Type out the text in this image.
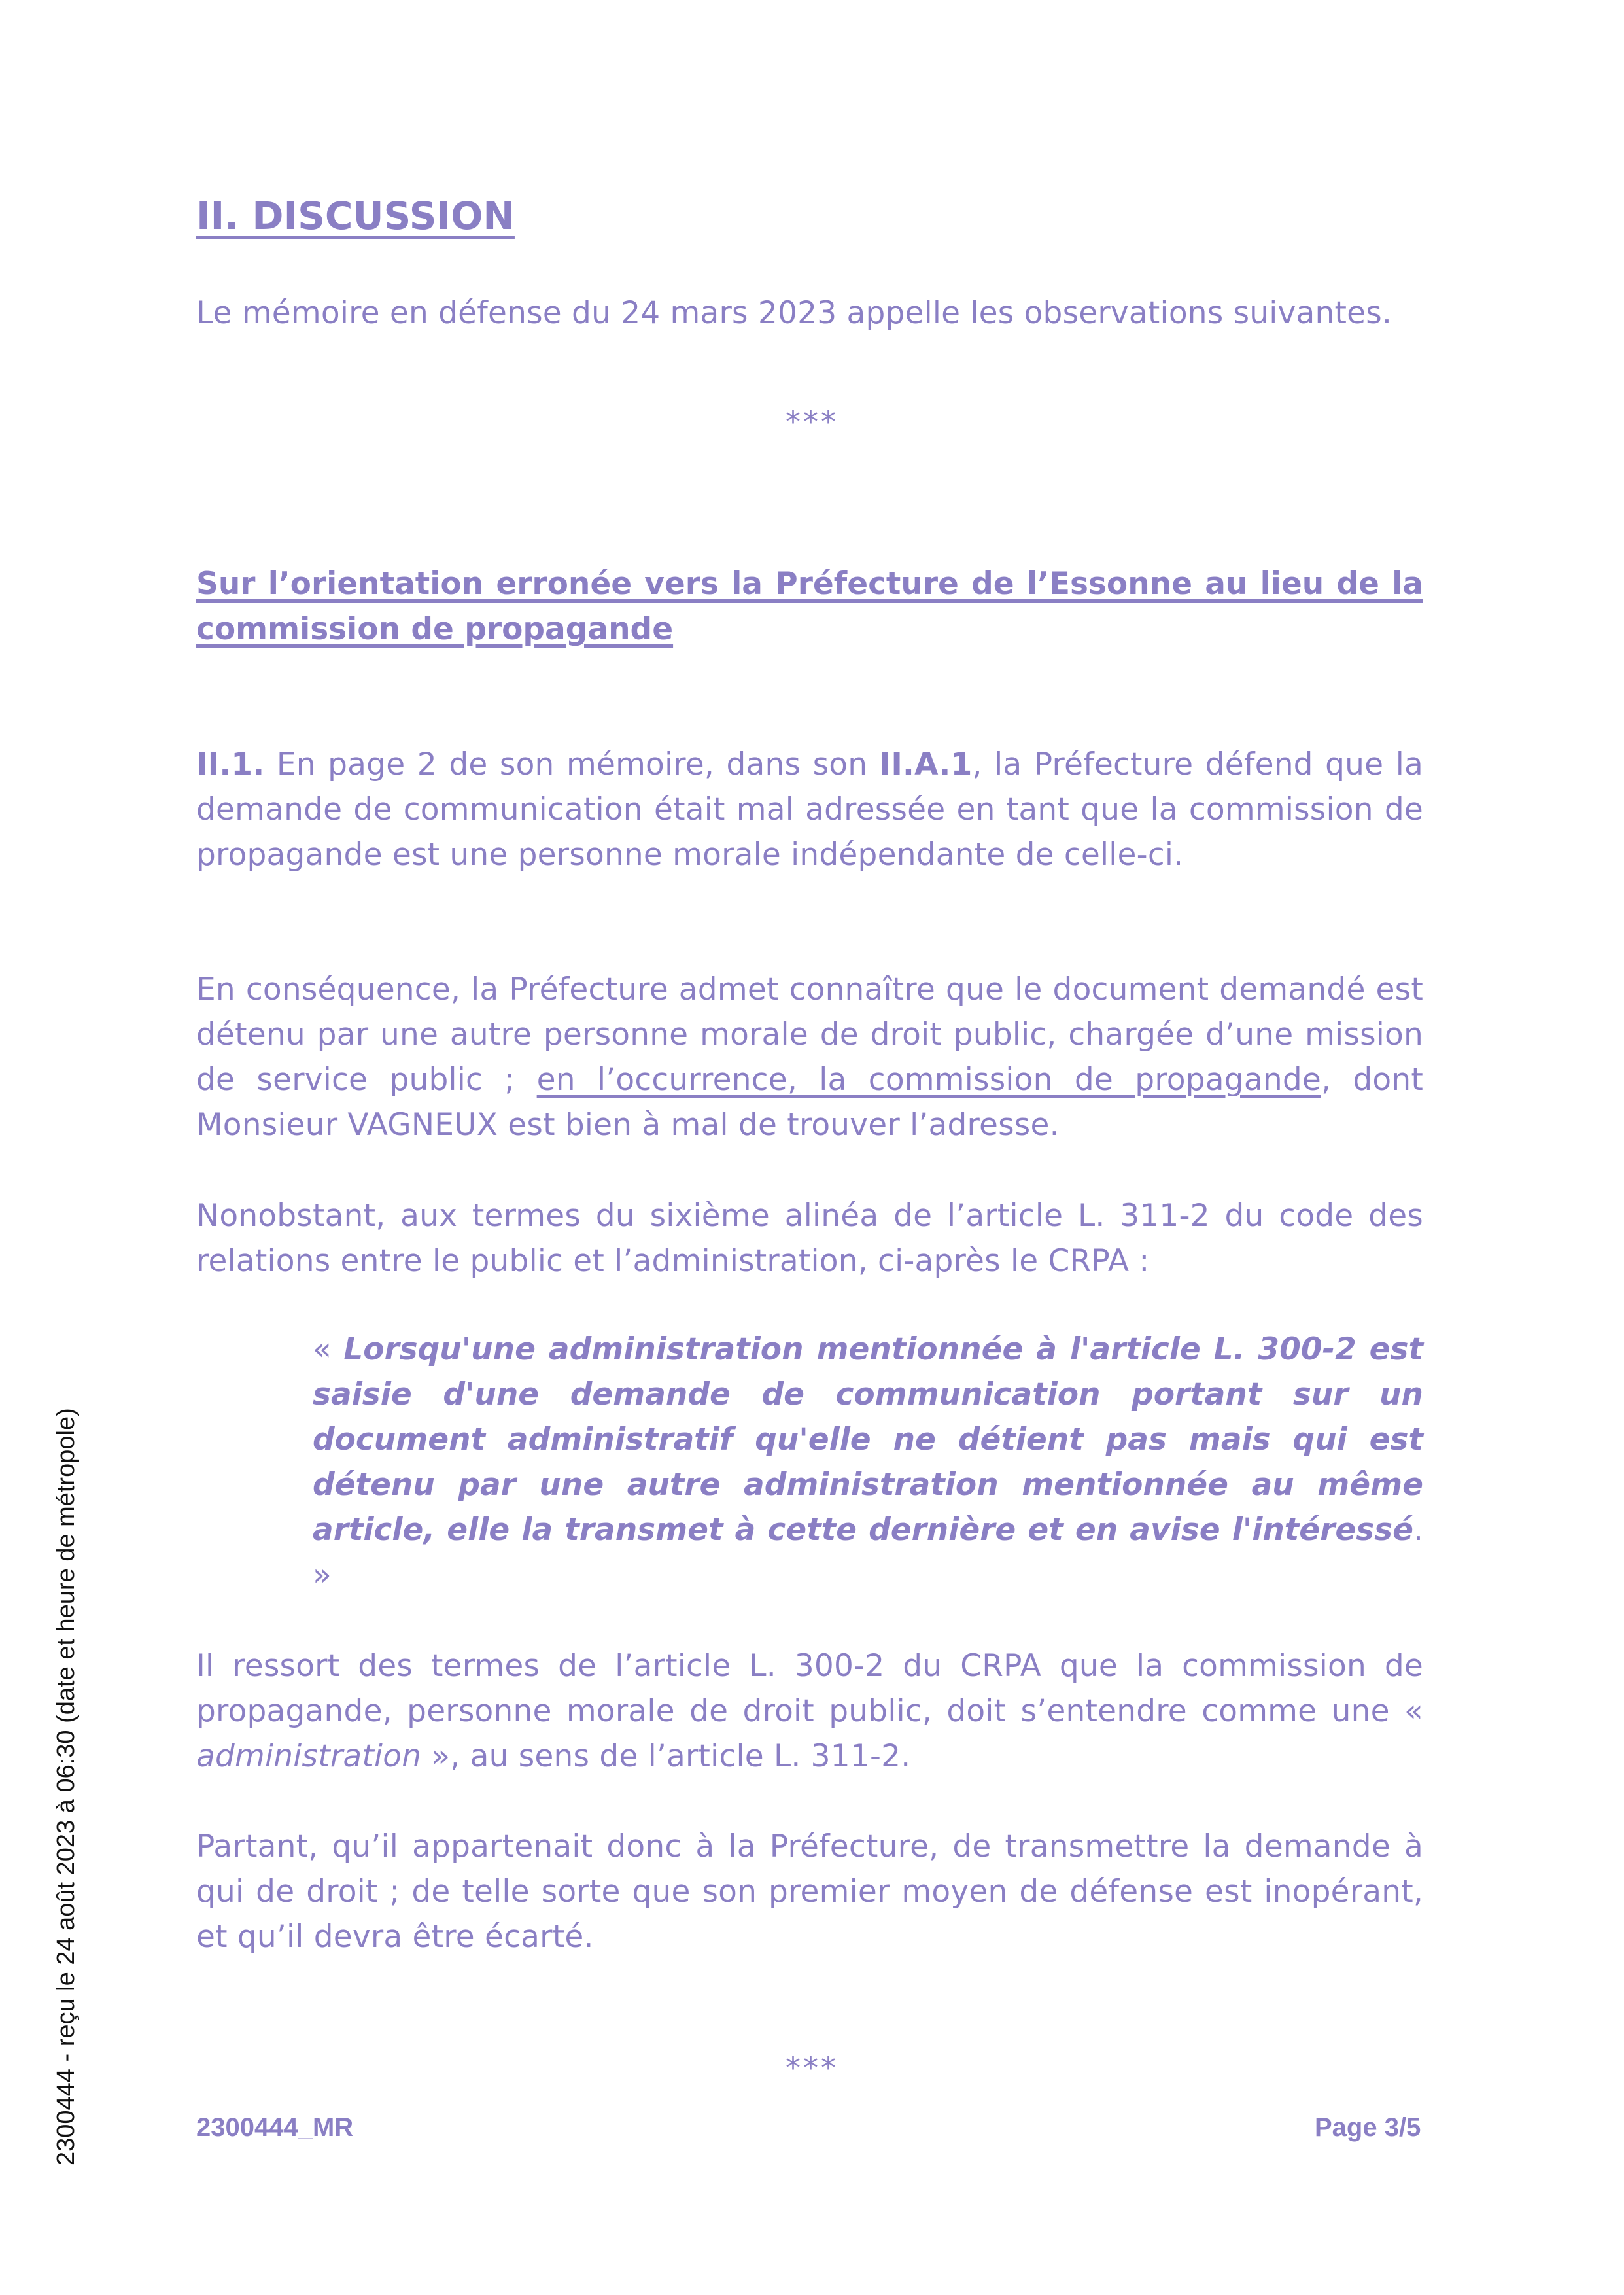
II. DISCUSSION

Le mémoire en défense du 24 mars 2023 appelle les observations suivantes.

***

Sur l’orientation erronée vers la Préfecture de l’Essonne au lieu de la commission de propagande

II.1. En page 2 de son mémoire, dans son II.A.1, la Préfecture défend que la demande de communication était mal adressée en tant que la commission de propagande est une personne morale indépendante de celle-ci.

En conséquence, la Préfecture admet connaître que le document demandé est détenu par une autre personne morale de droit public, chargée d’une mission de service public ; en l’occurrence, la commission de propagande, dont Monsieur VAGNEUX est bien à mal de trouver l’adresse.

Nonobstant, aux termes du sixième alinéa de l’article L. 311-2 du code des relations entre le public et l’administration, ci-après le CRPA :

« Lorsqu'une administration mentionnée à l'article L. 300-2 est saisie d'une demande de communication portant sur un document administratif qu'elle ne détient pas mais qui est détenu par une autre administration mentionnée au même article, elle la transmet à cette dernière et en avise l'intéressé. »

Il ressort des termes de l’article L. 300-2 du CRPA que la commission de propagande, personne morale de droit public, doit s’entendre comme une « administration », au sens de l’article L. 311-2.

Partant, qu’il appartenait donc à la Préfecture, de transmettre la demande à qui de droit ; de telle sorte que son premier moyen de défense est inopérant, et qu’il devra être écarté.

***
2300444_MR	Page 3/5
2300444 - reçu le 24 août 2023 à 06:30 (date et heure de métropole)
